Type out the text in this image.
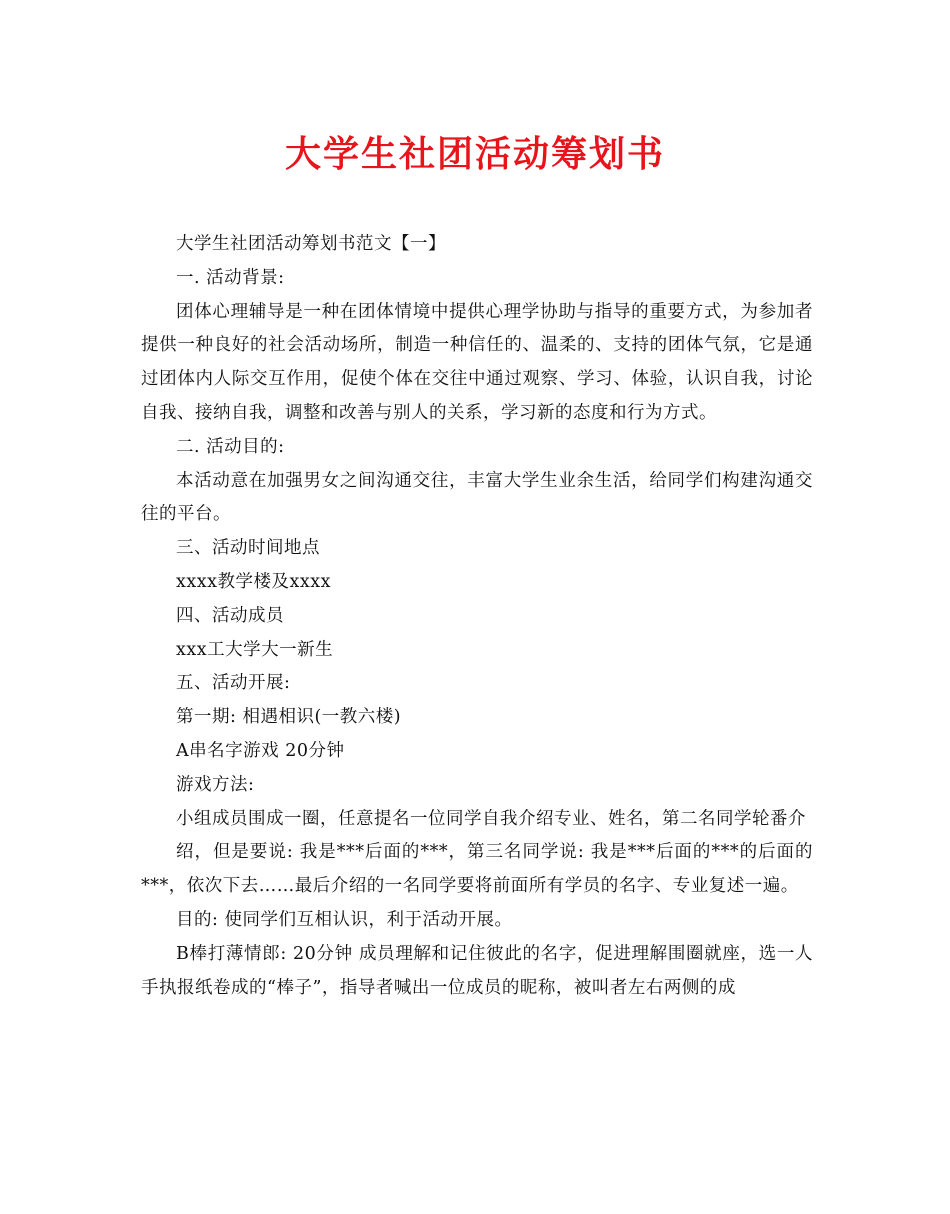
大学生社团活动筹划书

大学生社团活动筹划书范文【一】

一. 活动背景:

团体心理辅导是一种在团体情境中提供心理学协助与指导的重要方式，为参加者提供一种良好的社会活动场所，制造一种信任的、温柔的、支持的团体气氛，它是通过团体内人际交互作用，促使个体在交往中通过观察、学习、体验，认识自我，讨论自我、接纳自我，调整和改善与别人的关系，学习新的态度和行为方式。

二. 活动目的:

本活动意在加强男女之间沟通交往，丰富大学生业余生活，给同学们构建沟通交往的平台。

三、活动时间地点

xxxx教学楼及xxxx

四、活动成员

xxx工大学大一新生

五、活动开展:

第一期: 相遇相识(一教六楼)

A串名字游戏 20分钟

游戏方法:

小组成员围成一圈，任意提名一位同学自我介绍专业、姓名，第二名同学轮番介

绍，但是要说: 我是***后面的***，第三名同学说: 我是***后面的***的后面的***，依次下去……最后介绍的一名同学要将前面所有学员的名字、专业复述一遍。

目的: 使同学们互相认识，利于活动开展。

B棒打薄情郎: 20分钟 成员理解和记住彼此的名字，促进理解围圈就座，选一人手执报纸卷成的“棒子”，指导者喊出一位成员的昵称，被叫者左右两侧的成
